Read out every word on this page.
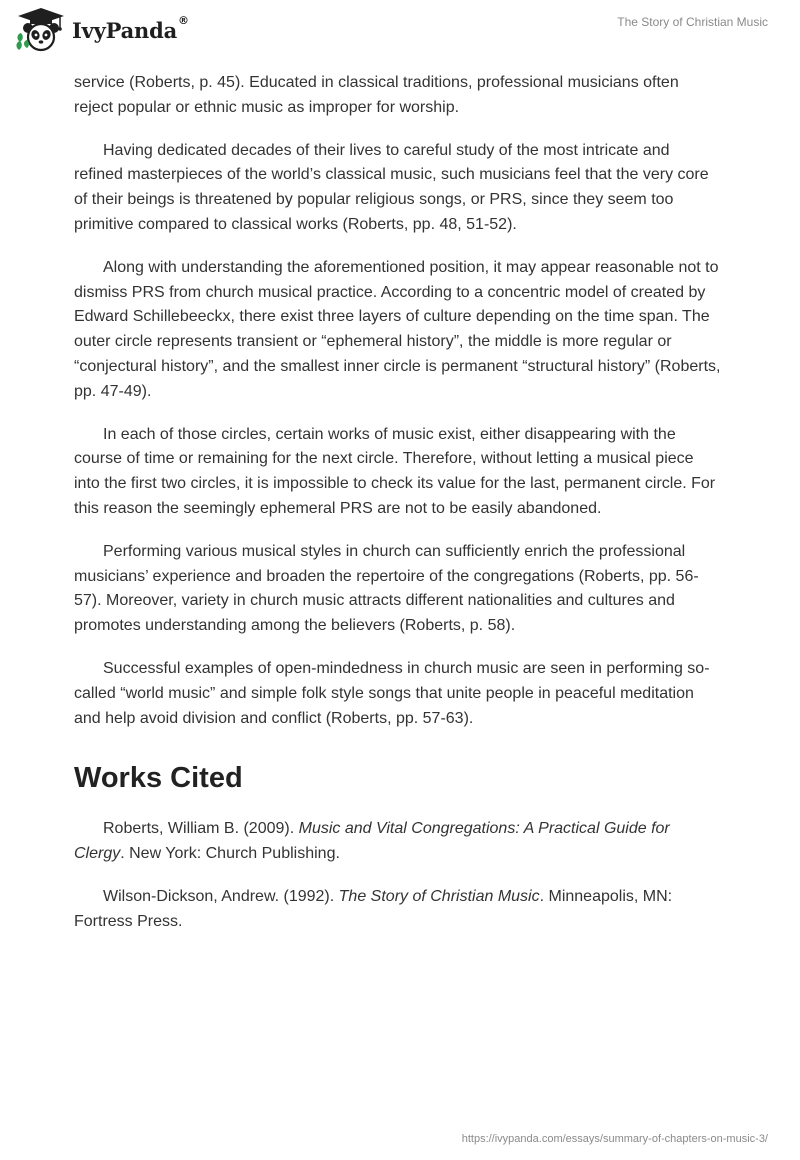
IvyPanda®	The Story of Christian Music

service (Roberts, p. 45). Educated in classical traditions, professional musicians often reject popular or ethnic music as improper for worship.

Having dedicated decades of their lives to careful study of the most intricate and refined masterpieces of the world’s classical music, such musicians feel that the very core of their beings is threatened by popular religious songs, or PRS, since they seem too primitive compared to classical works (Roberts, pp. 48, 51-52).

Along with understanding the aforementioned position, it may appear reasonable not to dismiss PRS from church musical practice. According to a concentric model of created by Edward Schillebeeckx, there exist three layers of culture depending on the time span. The outer circle represents transient or “ephemeral history”, the middle is more regular or “conjectural history”, and the smallest inner circle is permanent “structural history” (Roberts, pp. 47-49).

In each of those circles, certain works of music exist, either disappearing with the course of time or remaining for the next circle. Therefore, without letting a musical piece into the first two circles, it is impossible to check its value for the last, permanent circle. For this reason the seemingly ephemeral PRS are not to be easily abandoned.

Performing various musical styles in church can sufficiently enrich the professional musicians’ experience and broaden the repertoire of the congregations (Roberts, pp. 56-57). Moreover, variety in church music attracts different nationalities and cultures and promotes understanding among the believers (Roberts, p. 58).

Successful examples of open-mindedness in church music are seen in performing so-called “world music” and simple folk style songs that unite people in peaceful meditation and help avoid division and conflict (Roberts, pp. 57-63).

Works Cited

Roberts, William B. (2009). Music and Vital Congregations: A Practical Guide for Clergy. New York: Church Publishing.

Wilson-Dickson, Andrew. (1992). The Story of Christian Music. Minneapolis, MN: Fortress Press.

https://ivypanda.com/essays/summary-of-chapters-on-music-3/
